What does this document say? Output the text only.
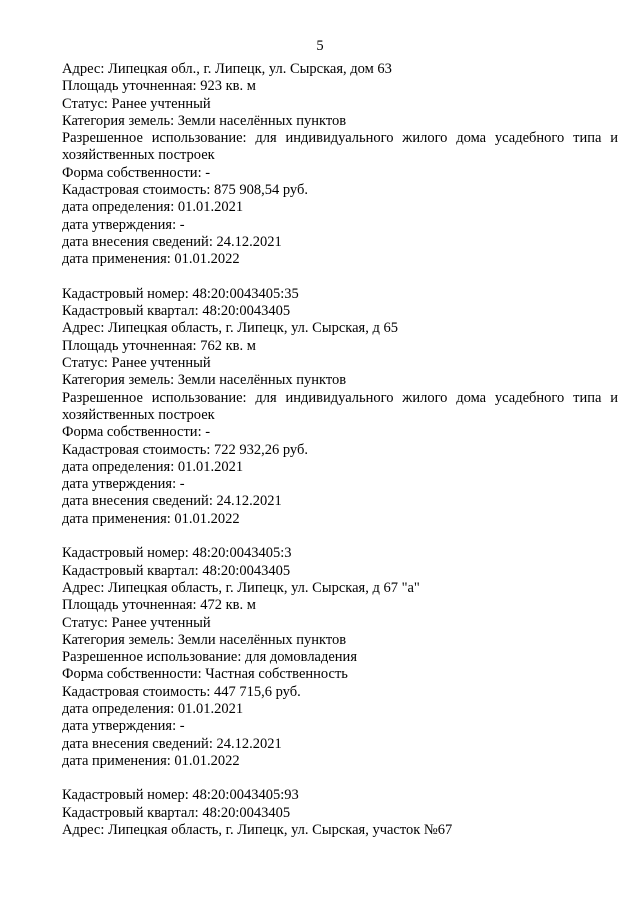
5
Адрес: Липецкая обл., г. Липецк, ул. Сырская, дом 63
Площадь уточненная: 923 кв. м
Статус: Ранее учтенный
Категория земель: Земли населённых пунктов
Разрешенное использование: для индивидуального жилого дома усадебного типа и хозяйственных построек
Форма собственности: -
Кадастровая стоимость: 875 908,54 руб.
дата определения: 01.01.2021
дата утверждения: -
дата внесения сведений: 24.12.2021
дата применения: 01.01.2022
Кадастровый номер: 48:20:0043405:35
Кадастровый квартал: 48:20:0043405
Адрес: Липецкая область, г. Липецк, ул. Сырская, д 65
Площадь уточненная: 762 кв. м
Статус: Ранее учтенный
Категория земель: Земли населённых пунктов
Разрешенное использование: для индивидуального жилого дома усадебного типа и хозяйственных построек
Форма собственности: -
Кадастровая стоимость: 722 932,26 руб.
дата определения: 01.01.2021
дата утверждения: -
дата внесения сведений: 24.12.2021
дата применения: 01.01.2022
Кадастровый номер: 48:20:0043405:3
Кадастровый квартал: 48:20:0043405
Адрес: Липецкая область, г. Липецк, ул. Сырская, д 67 "а"
Площадь уточненная: 472 кв. м
Статус: Ранее учтенный
Категория земель: Земли населённых пунктов
Разрешенное использование: для домовладения
Форма собственности: Частная собственность
Кадастровая стоимость: 447 715,6 руб.
дата определения: 01.01.2021
дата утверждения: -
дата внесения сведений: 24.12.2021
дата применения: 01.01.2022
Кадастровый номер: 48:20:0043405:93
Кадастровый квартал: 48:20:0043405
Адрес: Липецкая область, г. Липецк, ул. Сырская, участок №67
